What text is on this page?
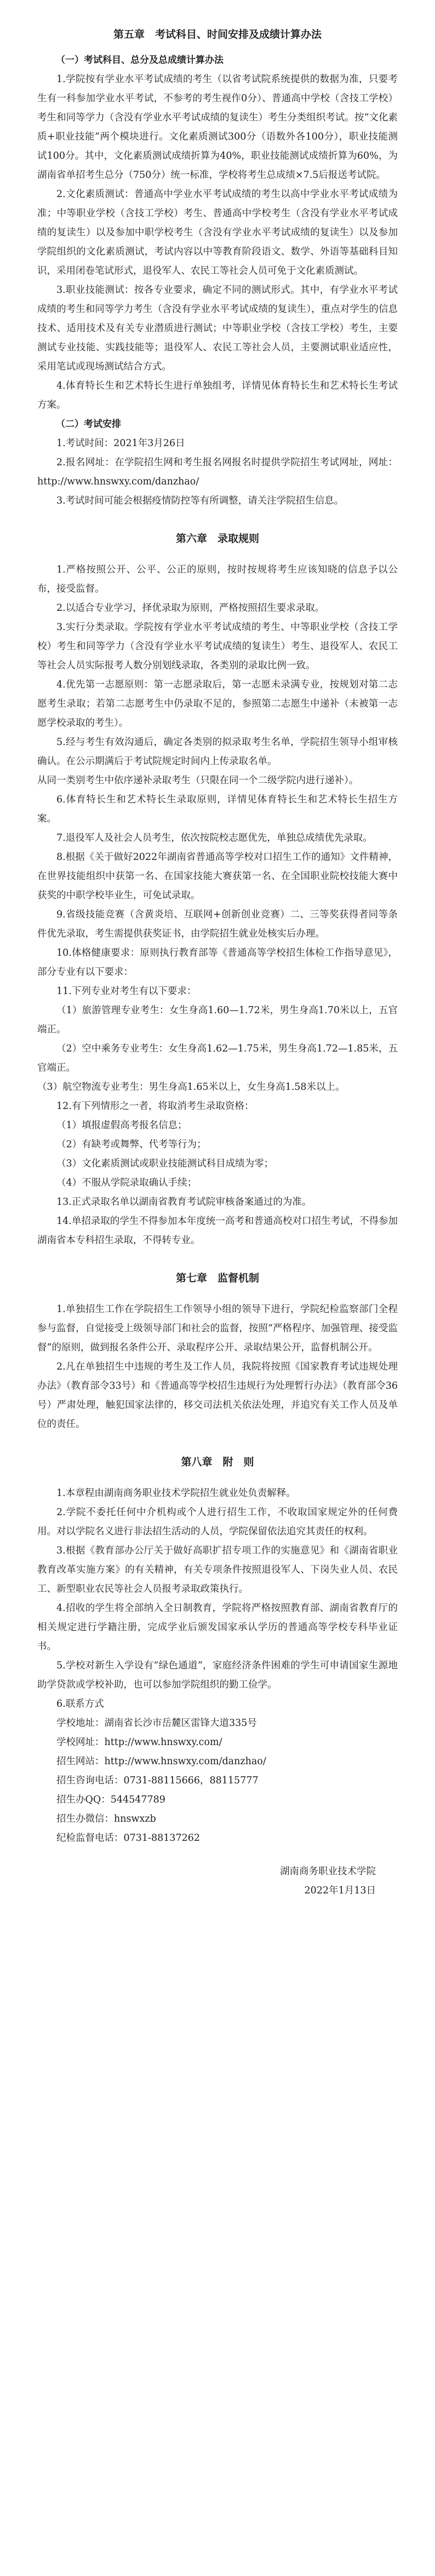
第五章　考试科目、时间安排及成绩计算办法

（一）考试科目、总分及总成绩计算办法

1.学院按有学业水平考试成绩的考生（以省考试院系统提供的数据为准，只要考生有一科参加学业水平考试，不参考的考生视作0分）、普通高中学校（含技工学校）考生和同等学力（含没有学业水平考试成绩的复读生）考生分类组织考试。按“文化素质+职业技能”两个模块进行。文化素质测试300分（语数外各100分），职业技能测试100分。其中，文化素质测试成绩折算为40%，职业技能测试成绩折算为60%，为湖南省单招考生总分（750分）统一标准，学校将考生总成绩×7.5后报送考试院。

2.文化素质测试：普通高中学业水平考试成绩的考生以高中学业水平考试成绩为准；中等职业学校（含技工学校）考生、普通高中学校考生（含没有学业水平考试成绩的复读生）以及参加中职学校考生（含没有学业水平考试成绩的复读生）以及参加学院组织的文化素质测试，考试内容以中等教育阶段语文、数学、外语等基础科目知识，采用闭卷笔试形式，退役军人、农民工等社会人员可免于文化素质测试。

3.职业技能测试：按各专业要求，确定不同的测试形式。其中，有学业水平考试成绩的考生和同等学力考生（含没有学业水平考试成绩的复读生），重点对学生的信息技术、适用技术及有关专业潜质进行测试；中等职业学校（含技工学校）考生，主要测试专业技能、实践技能等；退役军人、农民工等社会人员，主要测试职业适应性，采用笔试或现场测试结合方式。

4.体育特长生和艺术特长生进行单独组考，详情见体育特长生和艺术特长生考试方案。

（二）考试安排

1.考试时间：2021年3月26日

2.报名网址：在学院招生网和考生报名网报名时提供学院招生考试网址，网址：http://www.hnswxy.com/danzhao/

3.考试时间可能会根据疫情防控等有所调整，请关注学院招生信息。

第六章　录取规则

1.严格按照公开、公平、公正的原则，按时按规将考生应该知晓的信息予以公布，接受监督。

2.以适合专业学习，择优录取为原则，严格按照招生要求录取。

3.实行分类录取。学院按有学业水平考试成绩的考生、中等职业学校（含技工学校）考生和同等学力（含没有学业水平考试成绩的复读生）考生、退役军人、农民工等社会人员实际报考人数分别划线录取，各类别的录取比例一致。

4.优先第一志愿原则：第一志愿录取后，第一志愿未录满专业，按规划对第二志愿考生录取；若第二志愿考生中仍录取不足的，参照第二志愿生中递补（未被第一志愿学校录取的考生）。

5.经与考生有效沟通后，确定各类别的拟录取考生名单，学院招生领导小组审核确认。在公示期满后于考试院规定时间内上传录取名单。

从同一类别考生中依序递补录取考生（只限在同一个二级学院内进行递补）。

6.体育特长生和艺术特长生录取原则，详情见体育特长生和艺术特长生招生方案。

7.退役军人及社会人员考生，依次按院校志愿优先，单独总成绩优先录取。

8.根据《关于做好2022年湖南省普通高等学校对口招生工作的通知》文件精神，在世界技能组织中获第一名、在国家技能大赛获第一名、在全国职业院校技能大赛中获奖的中职学校毕业生，可免试录取。

9.省级技能竞赛（含黄炎培、互联网+创新创业竞赛）二、三等奖获得者同等条件优先录取，考生需提供获奖证书，由学院招生就业处核实后办理。

10.体格健康要求：原则执行教育部等《普通高等学校招生体检工作指导意见》，部分专业有以下要求：

11.下列专业对考生有以下要求：

（1）旅游管理专业考生：女生身高1.60—1.72米，男生身高1.70米以上，五官端正。

（2）空中乘务专业考生：女生身高1.62—1.75米，男生身高1.72—1.85米，五官端正。

（3）航空物流专业考生：男生身高1.65米以上，女生身高1.58米以上。

12.有下列情形之一者，将取消考生录取资格：

（1）填报虚假高考报名信息；

（2）有缺考或舞弊、代考等行为；

（3）文化素质测试或职业技能测试科目成绩为零；

（4）不服从学院录取确认手续；

13.正式录取名单以湖南省教育考试院审核备案通过的为准。

14.单招录取的学生不得参加本年度统一高考和普通高校对口招生考试，不得参加湖南省本专科招生录取，不得转专业。

第七章　监督机制

1.单独招生工作在学院招生工作领导小组的领导下进行，学院纪检监察部门全程参与监督，自觉接受上级领导部门和社会的监督，按照“严格程序、加强管理、接受监督”的原则，做到报名条件公开、录取程序公开、录取结果公开，监督机制公开。

2.凡在单独招生中违规的考生及工作人员，我院将按照《国家教育考试违规处理办法》（教育部令33号）和《普通高等学校招生违规行为处理暂行办法》（教育部令36号）严肃处理，触犯国家法律的，移交司法机关依法处理，并追究有关工作人员及单位的责任。

第八章　附　则

1.本章程由湖南商务职业技术学院招生就业处负责解释。

2.学院不委托任何中介机构或个人进行招生工作，不收取国家规定外的任何费用。对以学院名义进行非法招生活动的人员，学院保留依法追究其责任的权利。

3.根据《教育部办公厅关于做好高职扩招专项工作的实施意见》和《湖南省职业教育改革实施方案》的有关精神，有关专项条件按照退役军人、下岗失业人员、农民工、新型职业农民等社会人员报考录取政策执行。

4.招收的学生将全部纳入全日制教育，学院将严格按照教育部、湖南省教育厅的相关规定进行学籍注册，完成学业后颁发国家承认学历的普通高等学校专科毕业证书。

5.学校对新生入学设有“绿色通道”，家庭经济条件困难的学生可申请国家生源地助学贷款或学校补助，也可以参加学院组织的勤工俭学。

6.联系方式

学校地址：湖南省长沙市岳麓区雷锋大道335号

学校网址：http://www.hnswxy.com/

招生网站：http://www.hnswxy.com/danzhao/

招生咨询电话：0731-88115666，88115777

招生办QQ：544547789

招生办微信：hnswxzb

纪检监督电话：0731-88137262

湖南商务职业技术学院

2022年1月13日
